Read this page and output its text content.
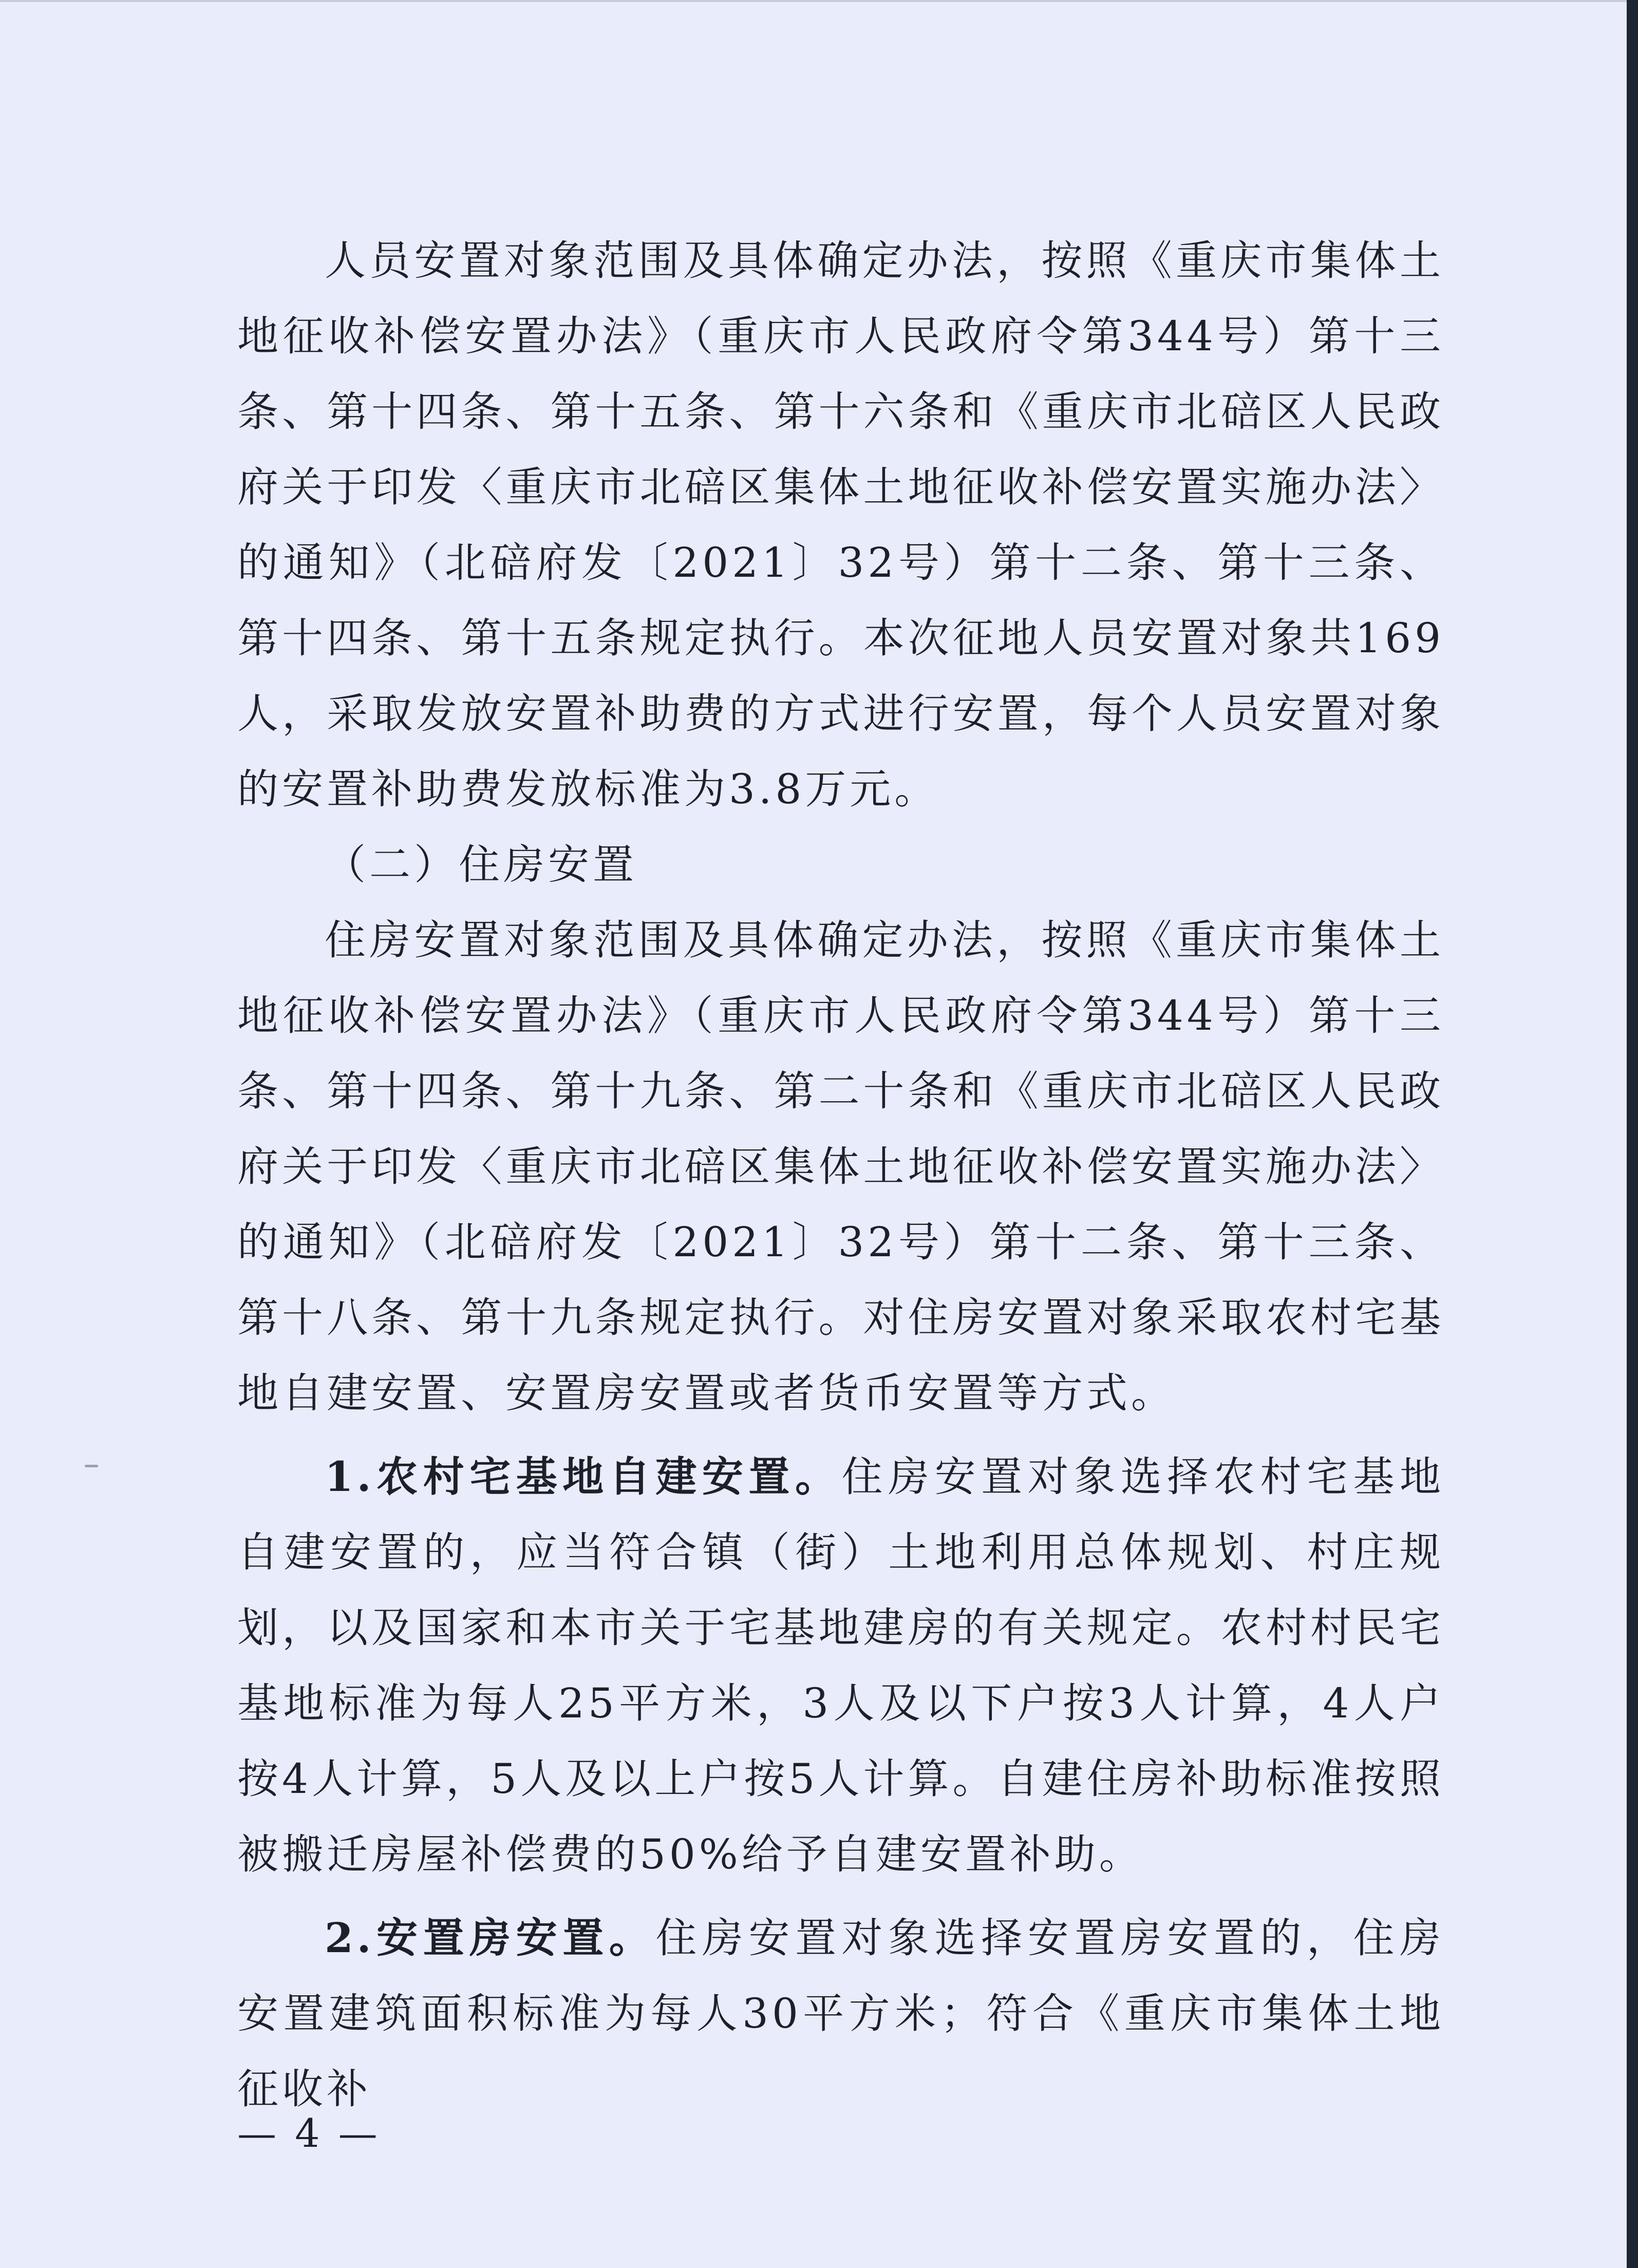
人员安置对象范围及具体确定办法，按照《重庆市集体土地征收补偿安置办法》（重庆市人民政府令第344号）第十三条、第十四条、第十五条、第十六条和《重庆市北碚区人民政府关于印发〈重庆市北碚区集体土地征收补偿安置实施办法〉的通知》（北碚府发〔2021〕32号）第十二条、第十三条、第十四条、第十五条规定执行。本次征地人员安置对象共169人，采取发放安置补助费的方式进行安置，每个人员安置对象的安置补助费发放标准为3.8万元。

（二）住房安置

住房安置对象范围及具体确定办法，按照《重庆市集体土地征收补偿安置办法》（重庆市人民政府令第344号）第十三条、第十四条、第十九条、第二十条和《重庆市北碚区人民政府关于印发〈重庆市北碚区集体土地征收补偿安置实施办法〉的通知》（北碚府发〔2021〕32号）第十二条、第十三条、第十八条、第十九条规定执行。对住房安置对象采取农村宅基地自建安置、安置房安置或者货币安置等方式。

1.农村宅基地自建安置。住房安置对象选择农村宅基地自建安置的，应当符合镇（街）土地利用总体规划、村庄规划，以及国家和本市关于宅基地建房的有关规定。农村村民宅基地标准为每人25平方米，3人及以下户按3人计算，4人户按4人计算，5人及以上户按5人计算。自建住房补助标准按照被搬迁房屋补偿费的50%给予自建安置补助。

2.安置房安置。住房安置对象选择安置房安置的，住房安置建筑面积标准为每人30平方米；符合《重庆市集体土地征收补

— 4 —
